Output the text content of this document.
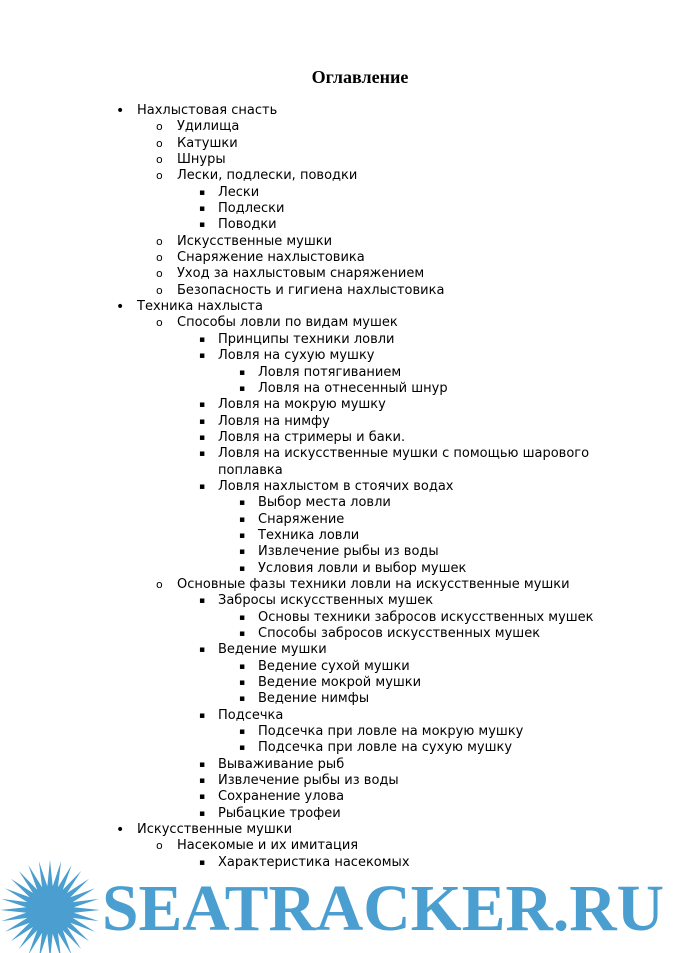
Оглавление
• Нахлыстовая снасть
o Удилища
o Катушки
o Шнуры
o Лески, подлески, поводки
▪ Лески
▪ Подлески
▪ Поводки
o Искусственные мушки
o Снаряжение нахлыстовика
o Уход за нахлыстовым снаряжением
o Безопасность и гигиена нахлыстовика
• Техника нахлыста
o Способы ловли по видам мушек
▪ Принципы техники ловли
▪ Ловля на сухую мушку
▪ Ловля потягиванием
▪ Ловля на отнесенный шнур
▪ Ловля на мокрую мушку
▪ Ловля на нимфу
▪ Ловля на стримеры и баки.
▪ Ловля на искусственные мушки с помощью шарового поплавка
▪ Ловля нахлыстом в стоячих водах
▪ Выбор места ловли
▪ Снаряжение
▪ Техника ловли
▪ Извлечение рыбы из воды
▪ Условия ловли и выбор мушек
o Основные фазы техники ловли на искусственные мушки
▪ Забросы искусственных мушек
▪ Основы техники забросов искусственных мушек
▪ Способы забросов искусственных мушек
▪ Ведение мушки
▪ Ведение сухой мушки
▪ Ведение мокрой мушки
▪ Ведение нимфы
▪ Подсечка
▪ Подсечка при ловле на мокрую мушку
▪ Подсечка при ловле на сухую мушку
▪ Вываживание рыб
▪ Извлечение рыбы из воды
▪ Сохранение улова
▪ Рыбацкие трофеи
• Искусственные мушки
o Насекомые и их имитация
▪ Характеристика насекомых
SEATRACKER.RU
